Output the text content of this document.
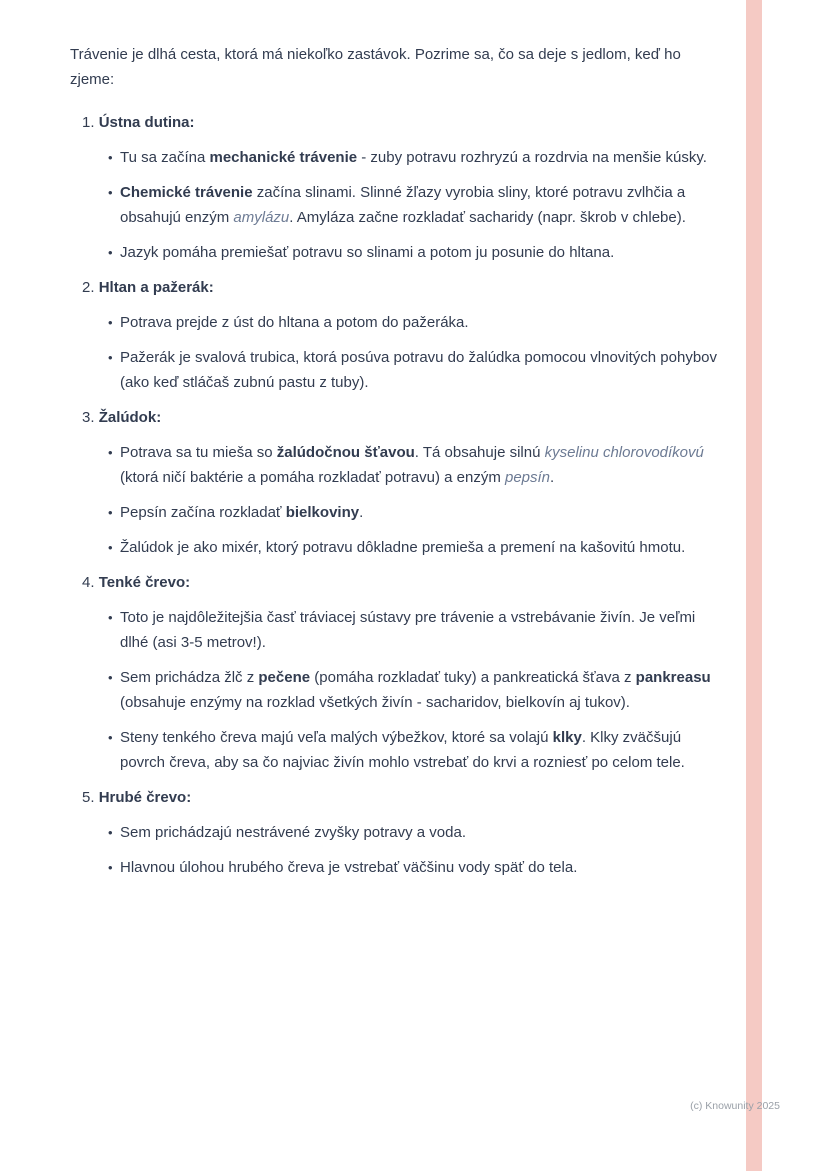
Trávenie je dlhá cesta, ktorá má niekoľko zastávok. Pozrime sa, čo sa deje s jedlom, keď ho zjeme:

1. Ústna dutina:
• Tu sa začína mechanické trávenie - zuby potravu rozhryzú a rozdrvia na menšie kúsky.
• Chemické trávenie začína slinami. Slinné žľazy vyrobia sliny, ktoré potravu zvlhčia a obsahujú enzým amylázu. Amyláza začne rozkladať sacharidy (napr. škrob v chlebe).
• Jazyk pomáha premiešať potravu so slinami a potom ju posunie do hltana.
2. Hltan a pažerák:
• Potrava prejde z úst do hltana a potom do pažeráka.
• Pažerák je svalová trubica, ktorá posúva potravu do žalúdka pomocou vlnovitých pohybov (ako keď stláčaš zubnú pastu z tuby).
3. Žalúdok:
• Potrava sa tu mieša so žalúdočnou šťavou. Tá obsahuje silnú kyselinu chlorovodíkovú (ktorá ničí baktérie a pomáha rozkladať potravu) a enzým pepsín.
• Pepsín začína rozkladať bielkoviny.
• Žalúdok je ako mixér, ktorý potravu dôkladne premieša a premení na kašovitú hmotu.
4. Tenké črevo:
• Toto je najdôležitejšia časť tráviacej sústavy pre trávenie a vstrebávanie živín. Je veľmi dlhé (asi 3-5 metrov!).
• Sem prichádza žlč z pečene (pomáha rozkladať tuky) a pankreatická šťava z pankreasu (obsahuje enzýmy na rozklad všetkých živín - sacharidov, bielkovín aj tukov).
• Steny tenkého čreva majú veľa malých výbežkov, ktoré sa volajú klky. Klky zväčšujú povrch čreva, aby sa čo najviac živín mohlo vstrebať do krvi a rozniesť po celom tele.
5. Hrubé črevo:
• Sem prichádzajú nestrávené zvyšky potravy a voda.
• Hlavnou úlohou hrubého čreva je vstrebať väčšinu vody späť do tela.
(c) Knowunity 2025
